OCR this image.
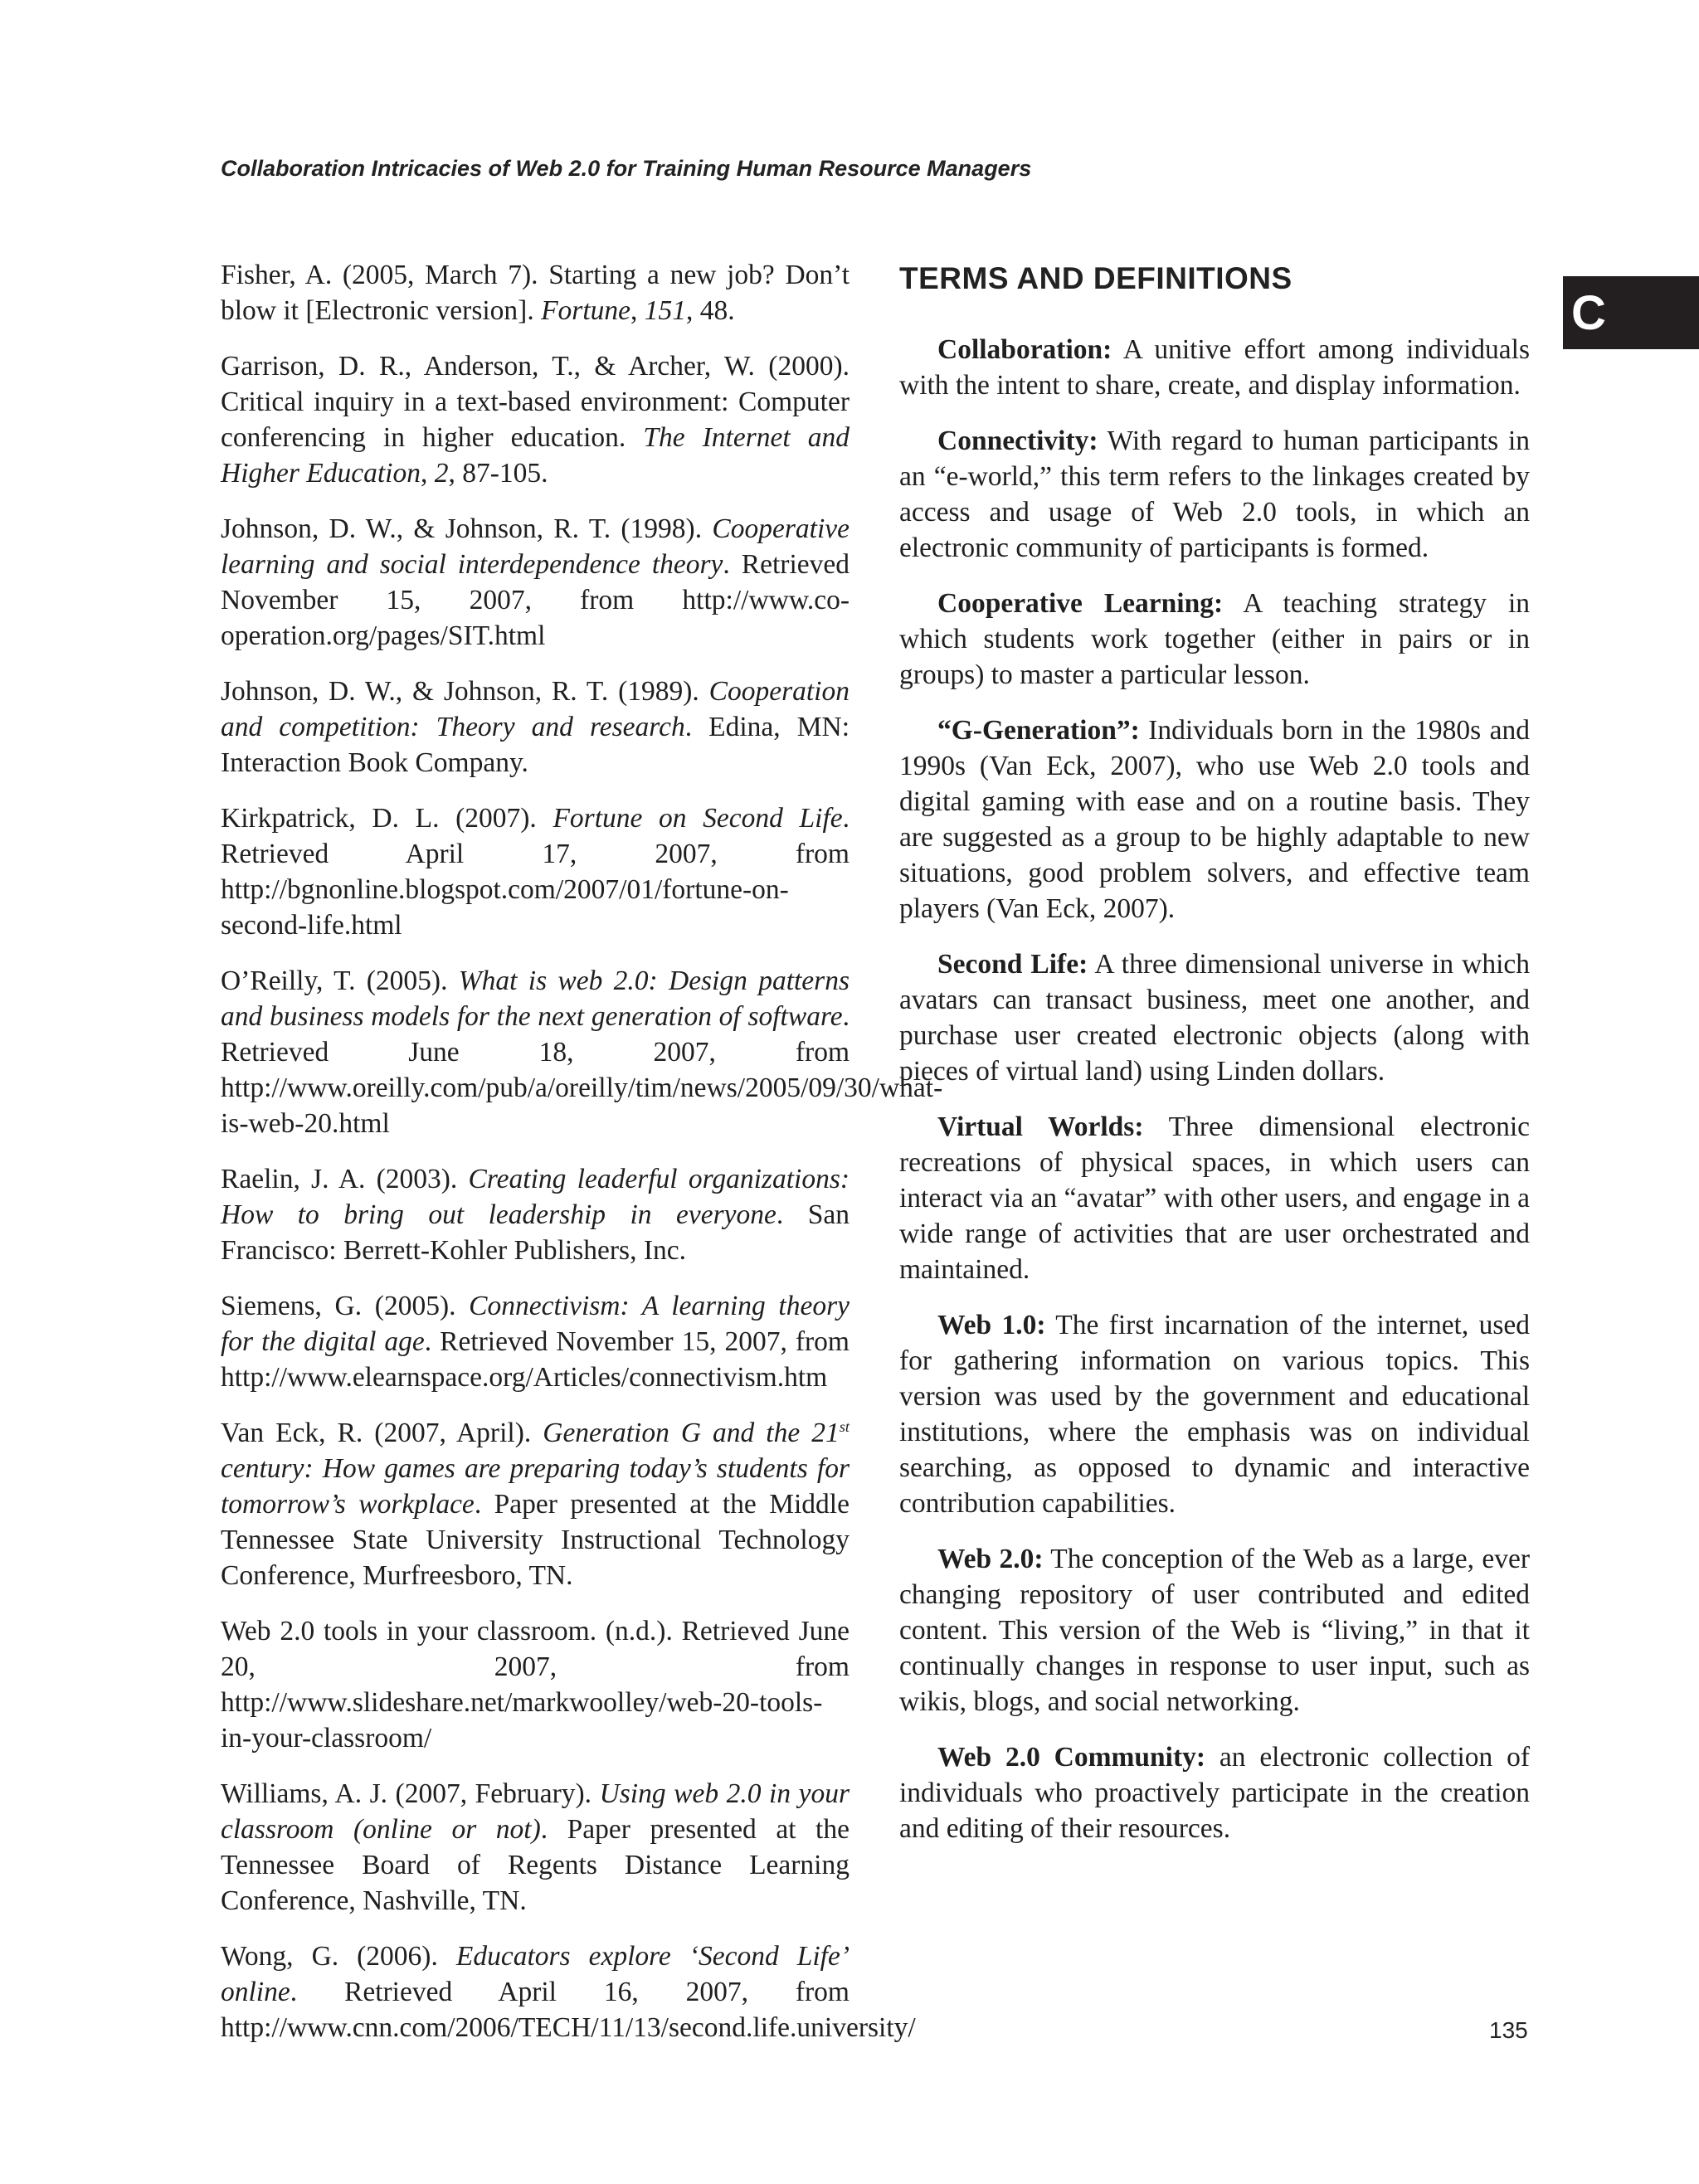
Collaboration Intricacies of Web 2.0 for Training Human Resource Managers
C

Fisher, A. (2005, March 7). Starting a new job? Don’t blow it [Electronic version]. Fortune, 151, 48.

Garrison, D. R., Anderson, T., & Archer, W. (2000). Critical inquiry in a text-based environment: Computer conferencing in higher education. The Internet and Higher Education, 2, 87-105.

Johnson, D. W., & Johnson, R. T. (1998). Cooperative learning and social interdependence theory. Retrieved November 15, 2007, from http://www.co-operation.org/pages/SIT.html

Johnson, D. W., & Johnson, R. T. (1989). Cooperation and competition: Theory and research. Edina, MN: Interaction Book Company.

Kirkpatrick, D. L. (2007). Fortune on Second Life. Retrieved April 17, 2007, from http://bgnonline.blogspot.com/2007/01/fortune-on-second-life.html

O’Reilly, T. (2005). What is web 2.0: Design patterns and business models for the next generation of software. Retrieved June 18, 2007, from http://www.oreilly.com/pub/a/oreilly/tim/news/2005/09/30/what-is-web-20.html

Raelin, J. A. (2003). Creating leaderful organizations: How to bring out leadership in everyone. San Francisco: Berrett-Kohler Publishers, Inc.

Siemens, G. (2005). Connectivism: A learning theory for the digital age. Retrieved November 15, 2007, from http://www.elearnspace.org/Articles/connectivism.htm

Van Eck, R. (2007, April). Generation G and the 21st century: How games are preparing today’s students for tomorrow’s workplace. Paper presented at the Middle Tennessee State University Instructional Technology Conference, Murfreesboro, TN.

Web 2.0 tools in your classroom. (n.d.). Retrieved June 20, 2007, from http://www.slideshare.net/markwoolley/web-20-tools-in-your-classroom/

Williams, A. J. (2007, February). Using web 2.0 in your classroom (online or not). Paper presented at the Tennessee Board of Regents Distance Learning Conference, Nashville, TN.

Wong, G. (2006). Educators explore ‘Second Life’ online. Retrieved April 16, 2007, from http://www.cnn.com/2006/TECH/11/13/second.life.university/

TERMS AND DEFINITIONS

Collaboration: A unitive effort among individuals with the intent to share, create, and display information.

Connectivity: With regard to human participants in an “e-world,” this term refers to the linkages created by access and usage of Web 2.0 tools, in which an electronic community of participants is formed.

Cooperative Learning: A teaching strategy in which students work together (either in pairs or in groups) to master a particular lesson.

“G-Generation”: Individuals born in the 1980s and 1990s (Van Eck, 2007), who use Web 2.0 tools and digital gaming with ease and on a routine basis. They are suggested as a group to be highly adaptable to new situations, good problem solvers, and effective team players (Van Eck, 2007).

Second Life: A three dimensional universe in which avatars can transact business, meet one another, and purchase user created electronic objects (along with pieces of virtual land) using Linden dollars.

Virtual Worlds: Three dimensional electronic recreations of physical spaces, in which users can interact via an “avatar” with other users, and engage in a wide range of activities that are user orchestrated and maintained.

Web 1.0: The first incarnation of the internet, used for gathering information on various topics. This version was used by the government and educational institutions, where the emphasis was on individual searching, as opposed to dynamic and interactive contribution capabilities.

Web 2.0: The conception of the Web as a large, ever changing repository of user contributed and edited content. This version of the Web is “living,” in that it continually changes in response to user input, such as wikis, blogs, and social networking.

Web 2.0 Community: an electronic collection of individuals who proactively participate in the creation and editing of their resources.

135
